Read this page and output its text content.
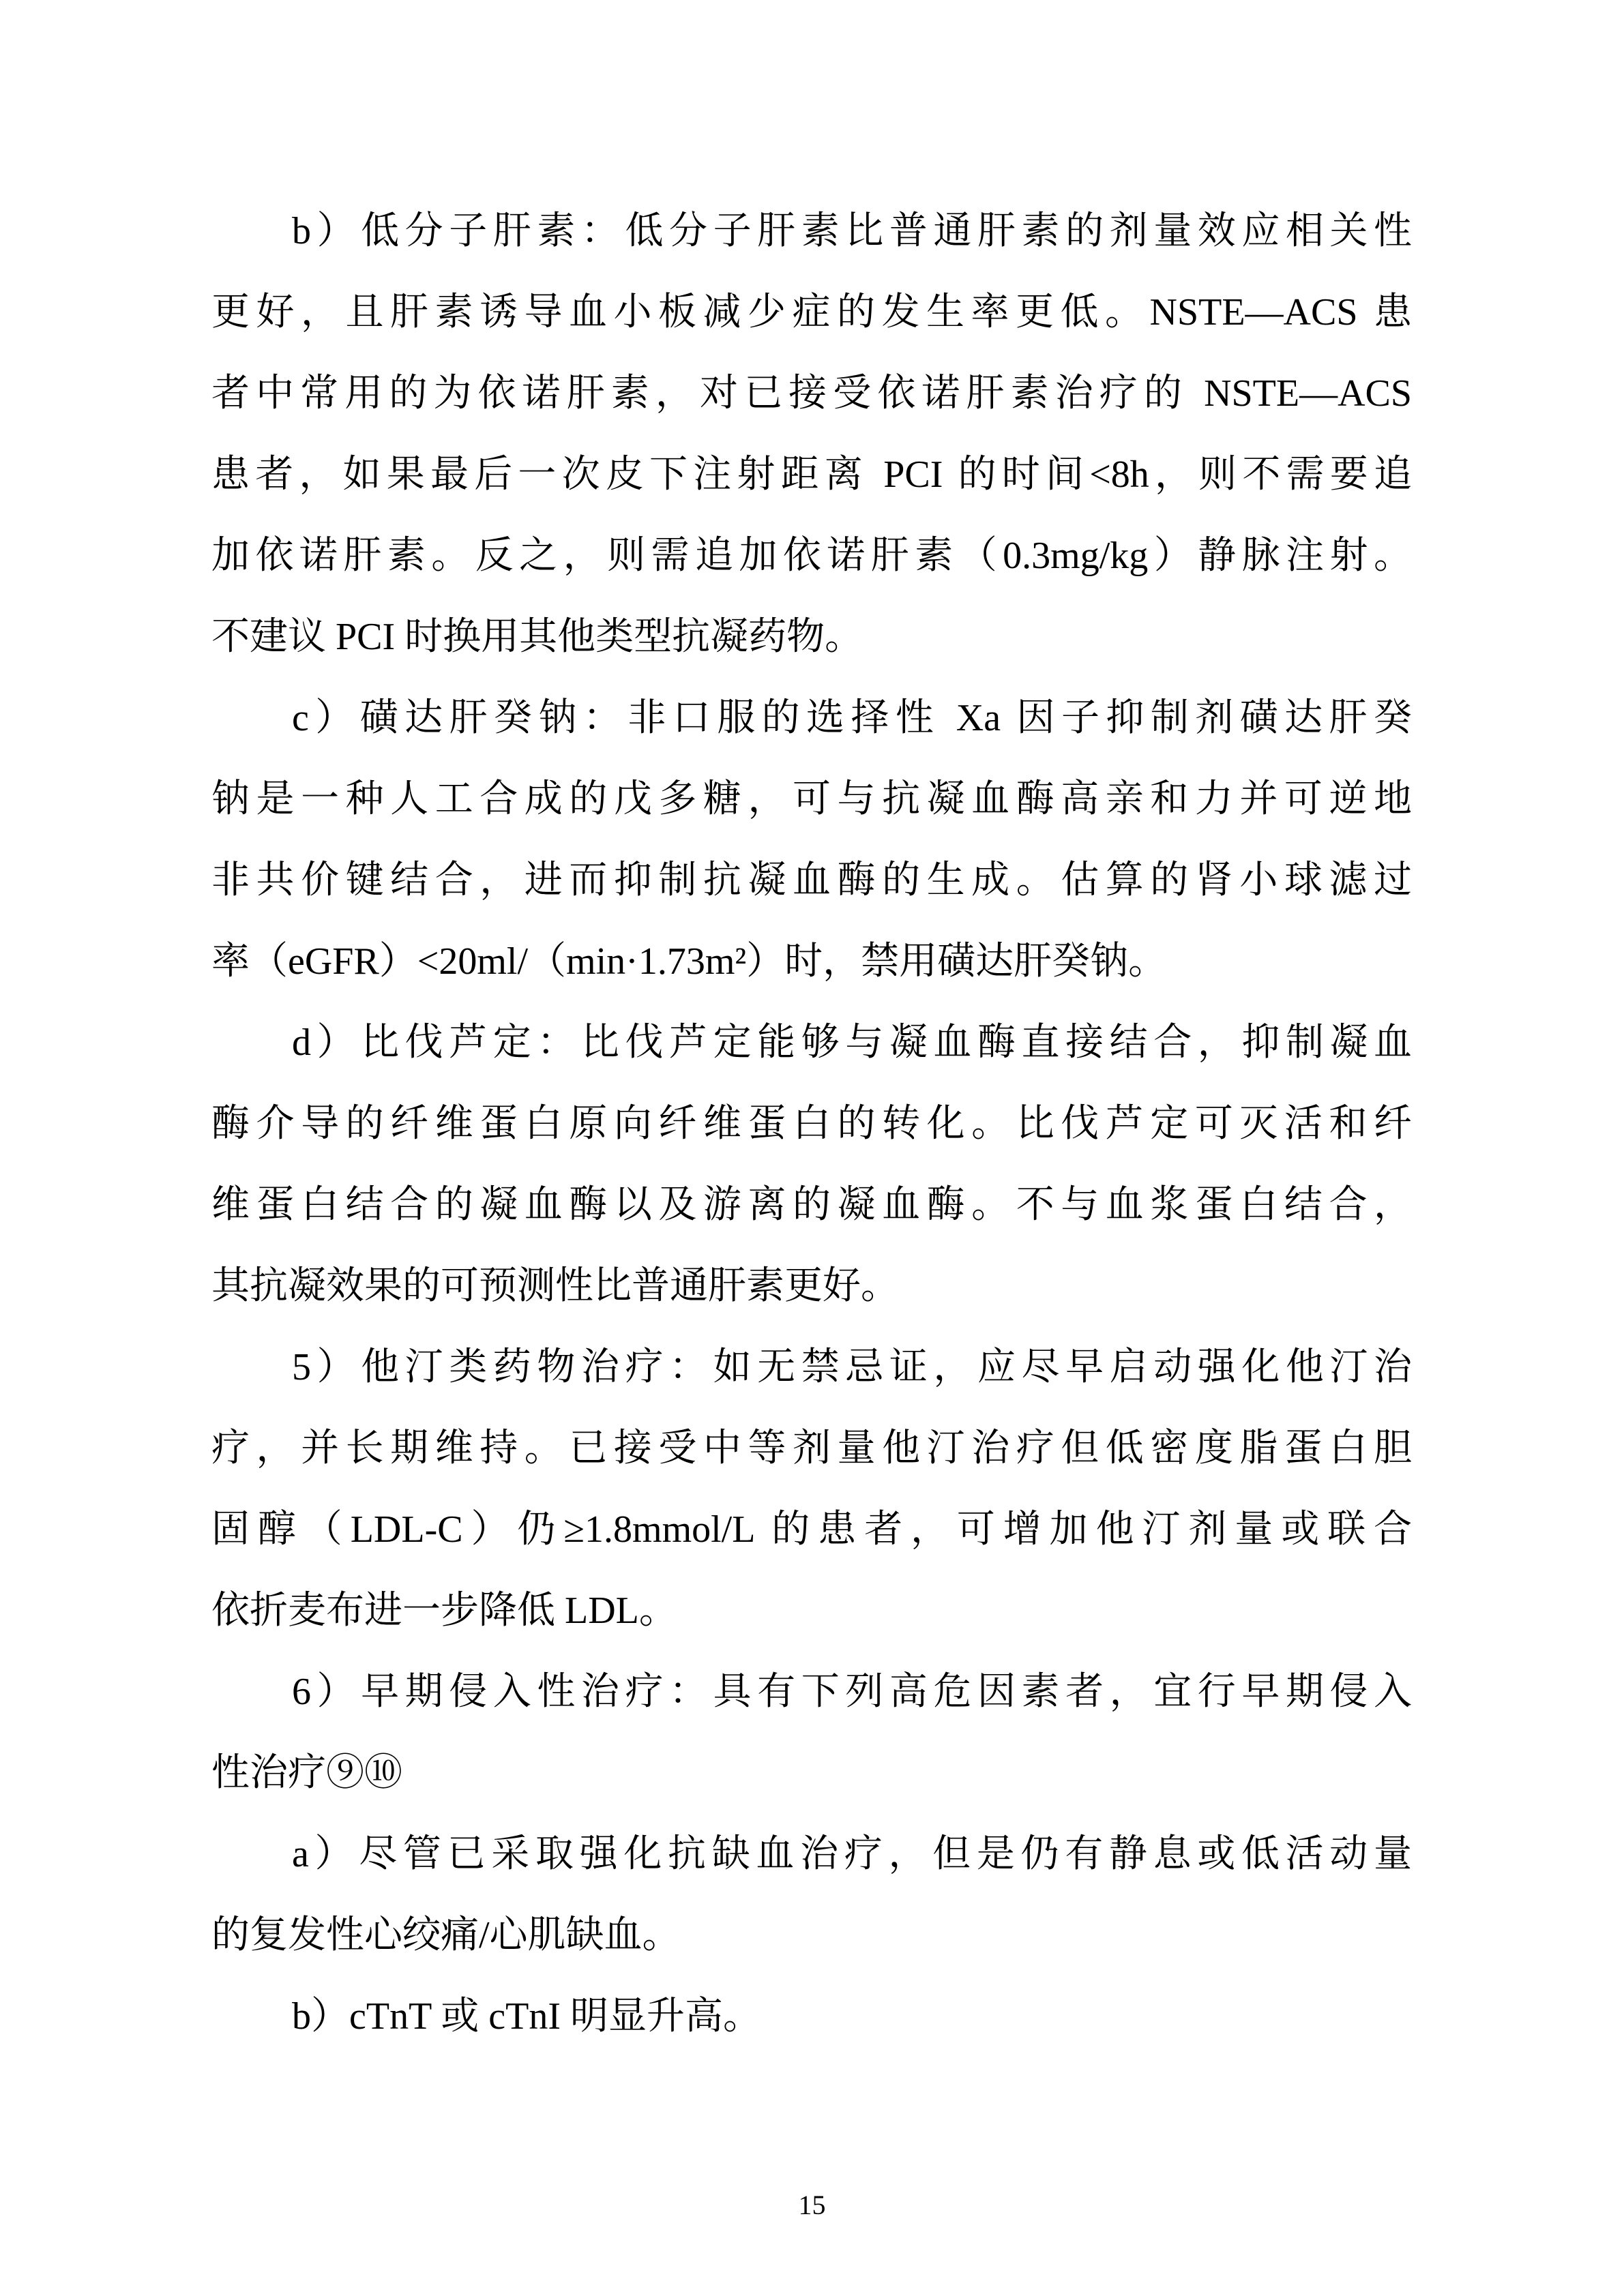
b）低分子肝素：低分子肝素比普通肝素的剂量效应相关性
更好，且肝素诱导血小板减少症的发生率更低。NSTE—ACS 患
者中常用的为依诺肝素，对已接受依诺肝素治疗的 NSTE—ACS
患者，如果最后一次皮下注射距离 PCI 的时间<8h，则不需要追
加依诺肝素。反之，则需追加依诺肝素（0.3mg/kg）静脉注射。
不建议 PCI 时换用其他类型抗凝药物。
c）磺达肝癸钠：非口服的选择性 Xa 因子抑制剂磺达肝癸
钠是一种人工合成的戊多糖，可与抗凝血酶高亲和力并可逆地
非共价键结合，进而抑制抗凝血酶的生成。估算的肾小球滤过
率（eGFR）<20ml/（min·1.73m²）时，禁用磺达肝癸钠。
d）比伐芦定：比伐芦定能够与凝血酶直接结合，抑制凝血
酶介导的纤维蛋白原向纤维蛋白的转化。比伐芦定可灭活和纤
维蛋白结合的凝血酶以及游离的凝血酶。不与血浆蛋白结合，
其抗凝效果的可预测性比普通肝素更好。
5）他汀类药物治疗：如无禁忌证，应尽早启动强化他汀治
疗，并长期维持。已接受中等剂量他汀治疗但低密度脂蛋白胆
固醇（LDL-C）仍≥1.8mmol/L 的患者，可增加他汀剂量或联合
依折麦布进一步降低 LDL。
6）早期侵入性治疗：具有下列高危因素者，宜行早期侵入
性治疗⑨⑩
a）尽管已采取强化抗缺血治疗，但是仍有静息或低活动量
的复发性心绞痛/心肌缺血。
b）cTnT 或 cTnI 明显升高。
15
